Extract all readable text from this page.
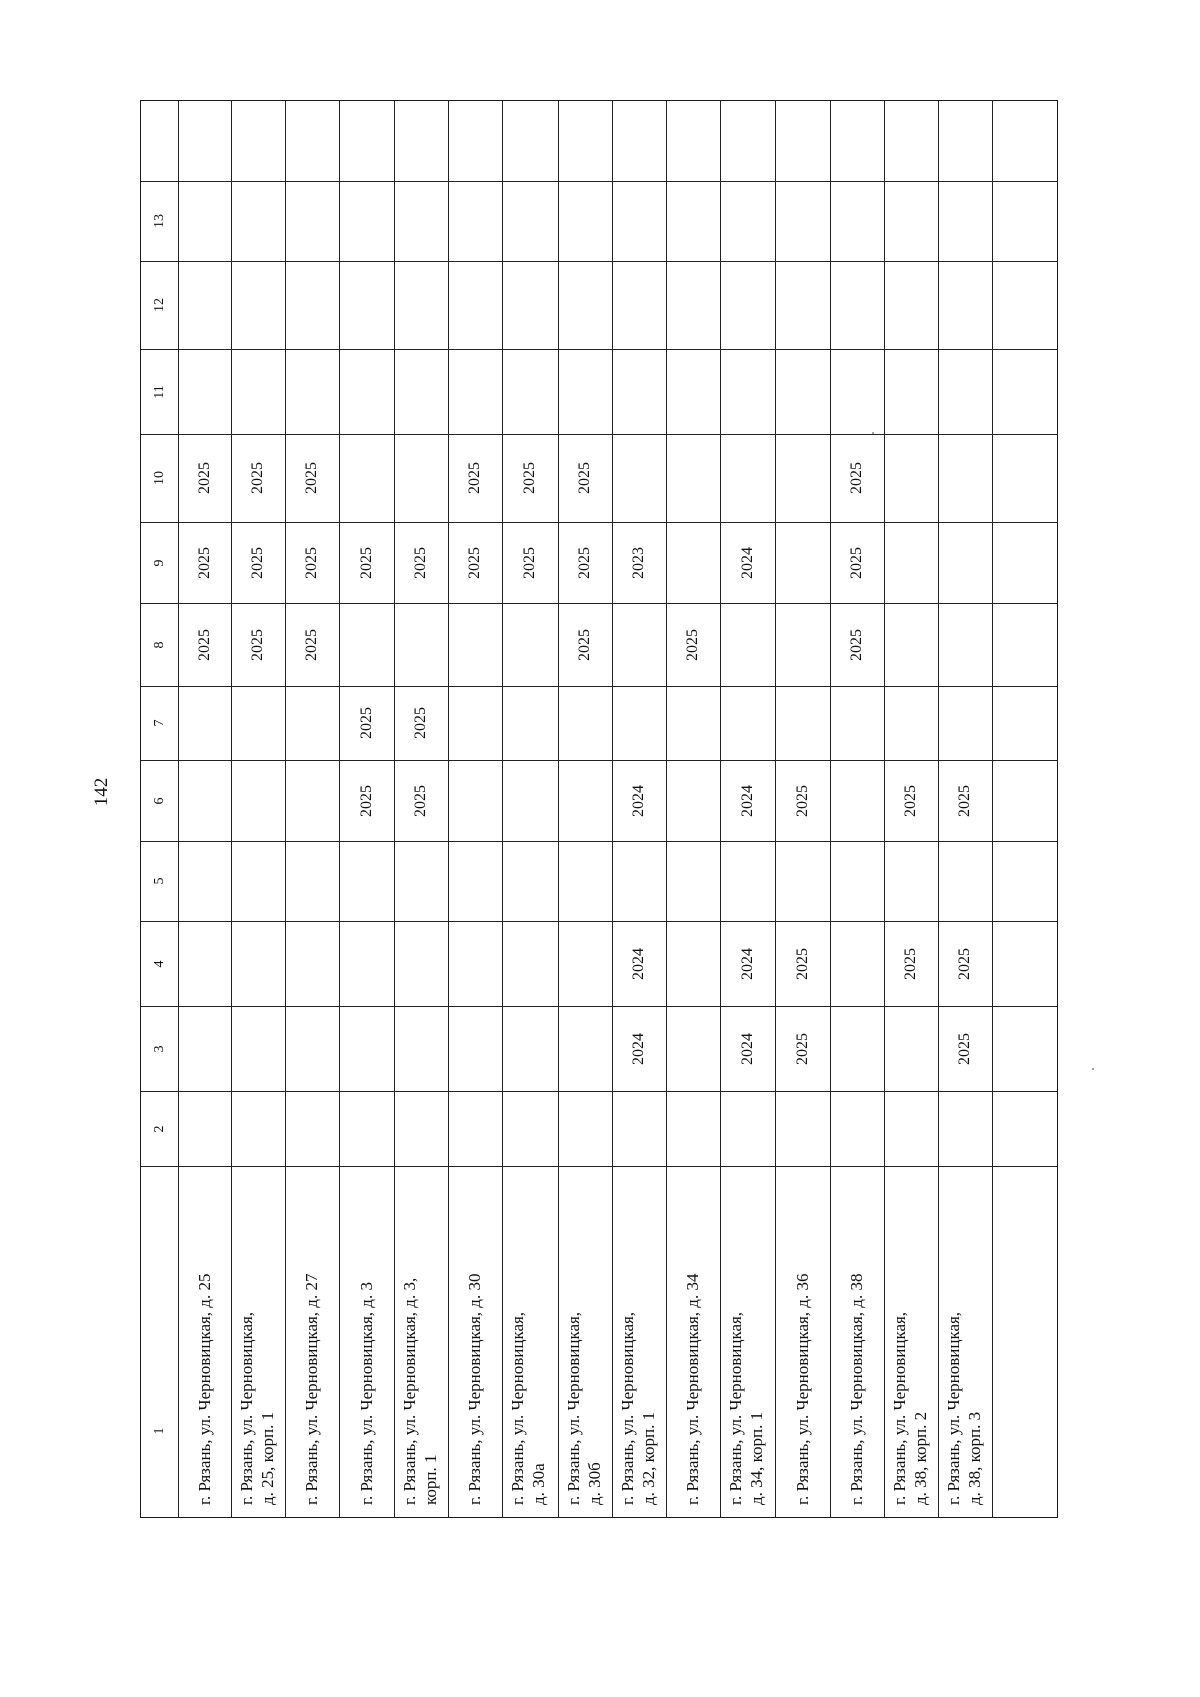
142
1
2
3
4
5
6
7
8
9
10
11
12
13
г. Рязань, ул. Черновицкая, д. 25
2025
2025
2025
г. Рязань, ул. Черновицкая, д. 25, корп. 1
2025
2025
2025
г. Рязань, ул. Черновицкая, д. 27
2025
2025
2025
г. Рязань, ул. Черновицкая, д. 3
2025
2025
2025
г. Рязань, ул. Черновицкая, д. 3, корп. 1
2025
2025
2025
г. Рязань, ул. Черновицкая, д. 30
2025
2025
г. Рязань, ул. Черновицкая, д. 30а
2025
2025
г. Рязань, ул. Черновицкая, д. 30б
2025
2025
2025
г. Рязань, ул. Черновицкая, д. 32, корп. 1
2024
2024
2024
2023
г. Рязань, ул. Черновицкая, д. 34
2025
г. Рязань, ул. Черновицкая, д. 34, корп. 1
2024
2024
2024
2024
г. Рязань, ул. Черновицкая, д. 36
2025
2025
2025
г. Рязань, ул. Черновицкая, д. 38
2025
2025
2025
г. Рязань, ул. Черновицкая, д. 38, корп. 2
2025
2025
г. Рязань, ул. Черновицкая, д. 38, корп. 3
2025
2025
2025
